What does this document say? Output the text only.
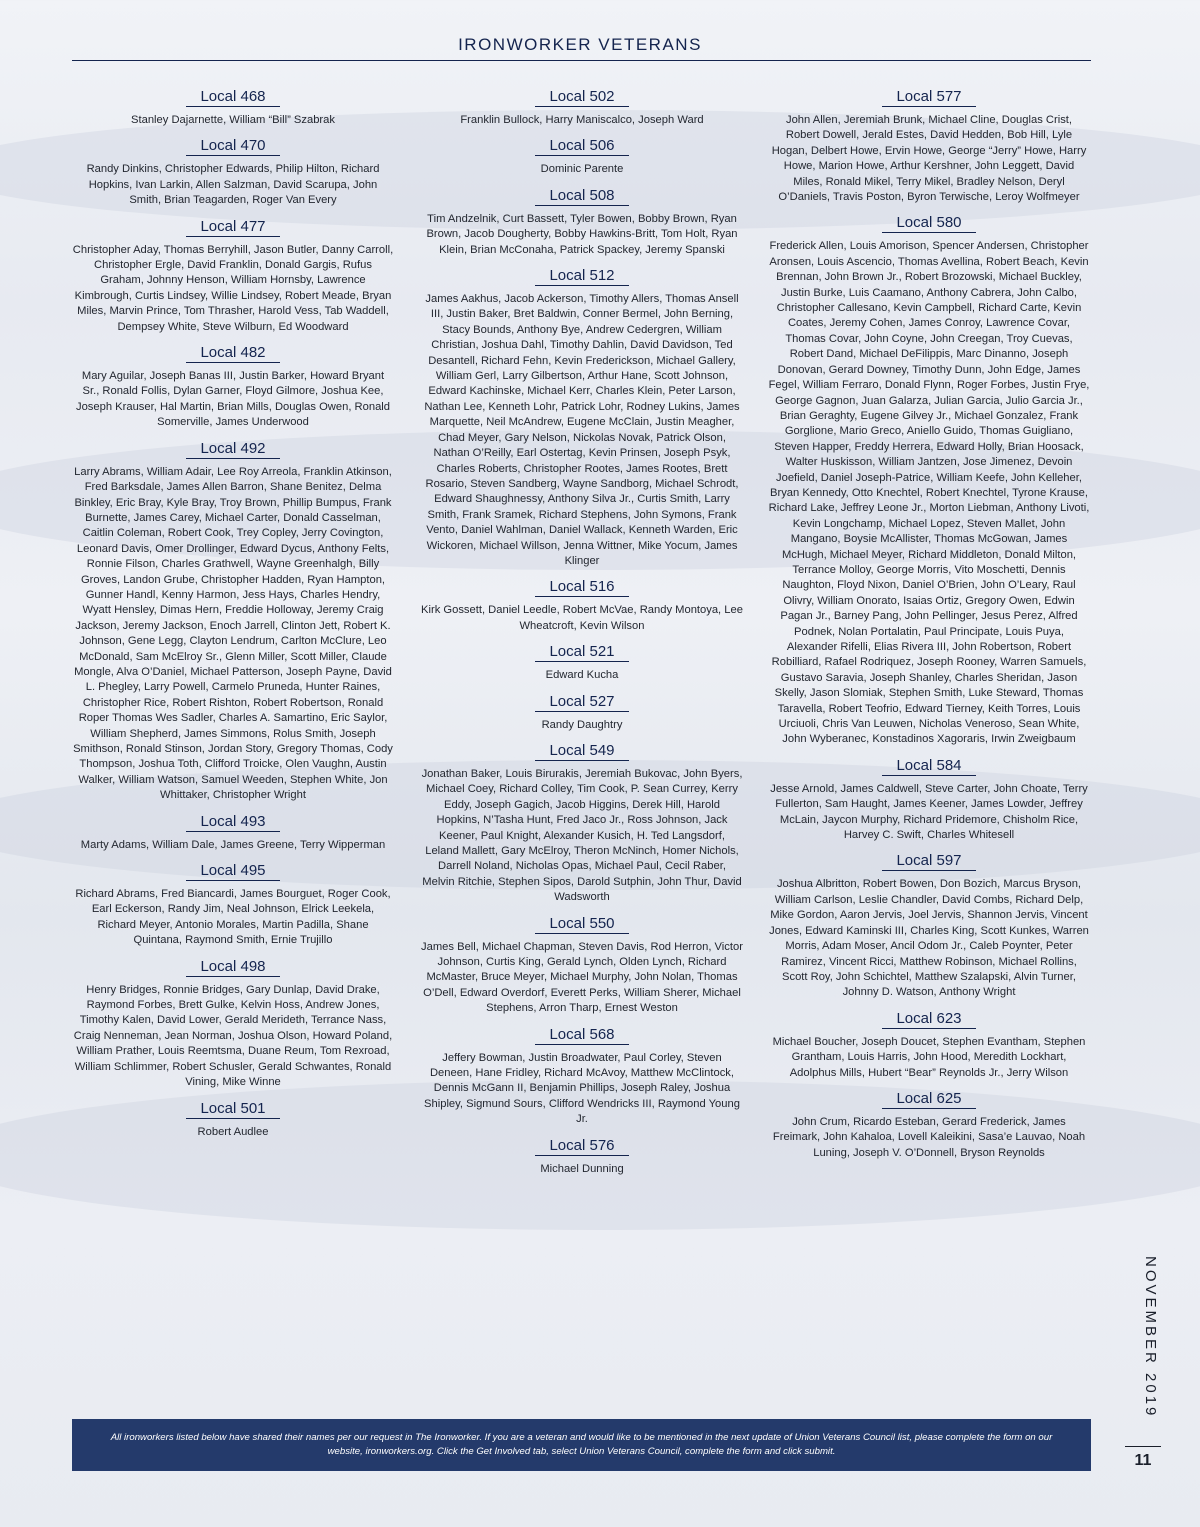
IRONWORKER VETERANS
Local 468

Stanley Dajarnette, William “Bill” Szabrak

Local 470

Randy Dinkins, Christopher Edwards, Philip Hilton, Richard Hopkins, Ivan Larkin, Allen Salzman, David Scarupa, John Smith, Brian Teagarden, Roger Van Every

Local 477

Christopher Aday, Thomas Berryhill, Jason Butler, Danny Carroll, Christopher Ergle, David Franklin, Donald Gargis, Rufus Graham, Johnny Henson, William Hornsby, Lawrence Kimbrough, Curtis Lindsey, Willie Lindsey, Robert Meade, Bryan Miles, Marvin Prince, Tom Thrasher, Harold Vess, Tab Waddell, Dempsey White, Steve Wilburn, Ed Woodward

Local 482

Mary Aguilar, Joseph Banas III, Justin Barker, Howard Bryant Sr., Ronald Follis, Dylan Garner, Floyd Gilmore, Joshua Kee, Joseph Krauser, Hal Martin, Brian Mills, Douglas Owen, Ronald Somerville, James Underwood

Local 492

Larry Abrams, William Adair, Lee Roy Arreola, Franklin Atkinson, Fred Barksdale, James Allen Barron, Shane Benitez, Delma Binkley, Eric Bray, Kyle Bray, Troy Brown, Phillip Bumpus, Frank Burnette, James Carey, Michael Carter, Donald Casselman, Caitlin Coleman, Robert Cook, Trey Copley, Jerry Covington, Leonard Davis, Omer Drollinger, Edward Dycus, Anthony Felts, Ronnie Filson, Charles Grathwell, Wayne Greenhalgh, Billy Groves, Landon Grube, Christopher Hadden, Ryan Hampton, Gunner Handl, Kenny Harmon, Jess Hays, Charles Hendry, Wyatt Hensley, Dimas Hern, Freddie Holloway, Jeremy Craig Jackson, Jeremy Jackson, Enoch Jarrell, Clinton Jett, Robert K. Johnson, Gene Legg, Clayton Lendrum, Carlton McClure, Leo McDonald, Sam McElroy Sr., Glenn Miller, Scott Miller, Claude Mongle, Alva O’Daniel, Michael Patterson, Joseph Payne, David L. Phegley, Larry Powell, Carmelo Pruneda, Hunter Raines, Christopher Rice, Robert Rishton, Robert Robertson, Ronald Roper Thomas Wes Sadler, Charles A. Samartino, Eric Saylor, William Shepherd, James Simmons, Rolus Smith, Joseph Smithson, Ronald Stinson, Jordan Story, Gregory Thomas, Cody Thompson, Joshua Toth, Clifford Troicke, Olen Vaughn, Austin Walker, William Watson, Samuel Weeden, Stephen White, Jon Whittaker, Christopher Wright

Local 493

Marty Adams, William Dale, James Greene, Terry Wipperman

Local 495

Richard Abrams, Fred Biancardi, James Bourguet, Roger Cook, Earl Eckerson, Randy Jim, Neal Johnson, Elrick Leekela, Richard Meyer, Antonio Morales, Martin Padilla, Shane Quintana, Raymond Smith, Ernie Trujillo

Local 498

Henry Bridges, Ronnie Bridges, Gary Dunlap, David Drake, Raymond Forbes, Brett Gulke, Kelvin Hoss, Andrew Jones, Timothy Kalen, David Lower, Gerald Merideth, Terrance Nass, Craig Nenneman, Jean Norman, Joshua Olson, Howard Poland, William Prather, Louis Reemtsma, Duane Reum, Tom Rexroad, William Schlimmer, Robert Schusler, Gerald Schwantes, Ronald Vining, Mike Winne

Local 501

Robert Audlee

Local 502

Franklin Bullock, Harry Maniscalco, Joseph Ward

Local 506

Dominic Parente

Local 508

Tim Andzelnik, Curt Bassett, Tyler Bowen, Bobby Brown, Ryan Brown, Jacob Dougherty, Bobby Hawkins-Britt, Tom Holt, Ryan Klein, Brian McConaha, Patrick Spackey, Jeremy Spanski

Local 512

James Aakhus, Jacob Ackerson, Timothy Allers, Thomas Ansell III, Justin Baker, Bret Baldwin, Conner Bermel, John Berning, Stacy Bounds, Anthony Bye, Andrew Cedergren, William Christian, Joshua Dahl, Timothy Dahlin, David Davidson, Ted Desantell, Richard Fehn, Kevin Frederickson, Michael Gallery, William Gerl, Larry Gilbertson, Arthur Hane, Scott Johnson, Edward Kachinske, Michael Kerr, Charles Klein, Peter Larson, Nathan Lee, Kenneth Lohr, Patrick Lohr, Rodney Lukins, James Marquette, Neil McAndrew, Eugene McClain, Justin Meagher, Chad Meyer, Gary Nelson, Nickolas Novak, Patrick Olson, Nathan O’Reilly, Earl Ostertag, Kevin Prinsen, Joseph Psyk, Charles Roberts, Christopher Rootes, James Rootes, Brett Rosario, Steven Sandberg, Wayne Sandborg, Michael Schrodt, Edward Shaughnessy, Anthony Silva Jr., Curtis Smith, Larry Smith, Frank Sramek, Richard Stephens, John Symons, Frank Vento, Daniel Wahlman, Daniel Wallack, Kenneth Warden, Eric Wickoren, Michael Willson, Jenna Wittner, Mike Yocum, James Klinger

Local 516

Kirk Gossett, Daniel Leedle, Robert McVae, Randy Montoya, Lee Wheatcroft, Kevin Wilson

Local 521

Edward Kucha

Local 527

Randy Daughtry

Local 549

Jonathan Baker, Louis Birurakis, Jeremiah Bukovac, John Byers, Michael Coey, Richard Colley, Tim Cook, P. Sean Currey, Kerry Eddy, Joseph Gagich, Jacob Higgins, Derek Hill, Harold Hopkins, N’Tasha Hunt, Fred Jaco Jr., Ross Johnson, Jack Keener, Paul Knight, Alexander Kusich, H. Ted Langsdorf, Leland Mallett, Gary McElroy, Theron McNinch, Homer Nichols, Darrell Noland, Nicholas Opas, Michael Paul, Cecil Raber, Melvin Ritchie, Stephen Sipos, Darold Sutphin, John Thur, David Wadsworth

Local 550

James Bell, Michael Chapman, Steven Davis, Rod Herron, Victor Johnson, Curtis King, Gerald Lynch, Olden Lynch, Richard McMaster, Bruce Meyer, Michael Murphy, John Nolan, Thomas O’Dell, Edward Overdorf, Everett Perks, William Sherer, Michael Stephens, Arron Tharp, Ernest Weston

Local 568

Jeffery Bowman, Justin Broadwater, Paul Corley, Steven Deneen, Hane Fridley, Richard McAvoy, Matthew McClintock, Dennis McGann II, Benjamin Phillips, Joseph Raley, Joshua Shipley, Sigmund Sours, Clifford Wendricks III, Raymond Young Jr.

Local 576

Michael Dunning

Local 577

John Allen, Jeremiah Brunk, Michael Cline, Douglas Crist, Robert Dowell, Jerald Estes, David Hedden, Bob Hill, Lyle Hogan, Delbert Howe, Ervin Howe, George “Jerry” Howe, Harry Howe, Marion Howe, Arthur Kershner, John Leggett, David Miles, Ronald Mikel, Terry Mikel, Bradley Nelson, Deryl O’Daniels, Travis Poston, Byron Terwische, Leroy Wolfmeyer

Local 580

Frederick Allen, Louis Amorison, Spencer Andersen, Christopher Aronsen, Louis Ascencio, Thomas Avellina, Robert Beach, Kevin Brennan, John Brown Jr., Robert Brozowski, Michael Buckley, Justin Burke, Luis Caamano, Anthony Cabrera, John Calbo, Christopher Callesano, Kevin Campbell, Richard Carte, Kevin Coates, Jeremy Cohen, James Conroy, Lawrence Covar, Thomas Covar, John Coyne, John Creegan, Troy Cuevas, Robert Dand, Michael DeFilippis, Marc Dinanno, Joseph Donovan, Gerard Downey, Timothy Dunn, John Edge, James Fegel, William Ferraro, Donald Flynn, Roger Forbes, Justin Frye, George Gagnon, Juan Galarza, Julian Garcia, Julio Garcia Jr., Brian Geraghty, Eugene Gilvey Jr., Michael Gonzalez, Frank Gorglione, Mario Greco, Aniello Guido, Thomas Guigliano, Steven Happer, Freddy Herrera, Edward Holly, Brian Hoosack, Walter Huskisson, William Jantzen, Jose Jimenez, Devoin Joefield, Daniel Joseph-Patrice, William Keefe, John Kelleher, Bryan Kennedy, Otto Knechtel, Robert Knechtel, Tyrone Krause, Richard Lake, Jeffrey Leone Jr., Morton Liebman, Anthony Livoti, Kevin Longchamp, Michael Lopez, Steven Mallet, John Mangano, Boysie McAllister, Thomas McGowan, James McHugh, Michael Meyer, Richard Middleton, Donald Milton, Terrance Molloy, George Morris, Vito Moschetti, Dennis Naughton, Floyd Nixon, Daniel O’Brien, John O’Leary, Raul Olivry, William Onorato, Isaias Ortiz, Gregory Owen, Edwin Pagan Jr., Barney Pang, John Pellinger, Jesus Perez, Alfred Podnek, Nolan Portalatin, Paul Principate, Louis Puya, Alexander Rifelli, Elias Rivera III, John Robertson, Robert Robilliard, Rafael Rodriquez, Joseph Rooney, Warren Samuels, Gustavo Saravia, Joseph Shanley, Charles Sheridan, Jason Skelly, Jason Slomiak, Stephen Smith, Luke Steward, Thomas Taravella, Robert Teofrio, Edward Tierney, Keith Torres, Louis Urciuoli, Chris Van Leuwen, Nicholas Veneroso, Sean White, John Wyberanec, Konstadinos Xagoraris, Irwin Zweigbaum

Local 584

Jesse Arnold, James Caldwell, Steve Carter, John Choate, Terry Fullerton, Sam Haught, James Keener, James Lowder, Jeffrey McLain, Jaycon Murphy, Richard Pridemore, Chisholm Rice, Harvey C. Swift, Charles Whitesell

Local 597

Joshua Albritton, Robert Bowen, Don Bozich, Marcus Bryson, William Carlson, Leslie Chandler, David Combs, Richard Delp, Mike Gordon, Aaron Jervis, Joel Jervis, Shannon Jervis, Vincent Jones, Edward Kaminski III, Charles King, Scott Kunkes, Warren Morris, Adam Moser, Ancil Odom Jr., Caleb Poynter, Peter Ramirez, Vincent Ricci, Matthew Robinson, Michael Rollins, Scott Roy, John Schichtel, Matthew Szalapski, Alvin Turner, Johnny D. Watson, Anthony Wright

Local 623

Michael Boucher, Joseph Doucet, Stephen Evantham, Stephen Grantham, Louis Harris, John Hood, Meredith Lockhart, Adolphus Mills, Hubert “Bear” Reynolds Jr., Jerry Wilson

Local 625

John Crum, Ricardo Esteban, Gerard Frederick, James Freimark, John Kahaloa, Lovell Kaleikini, Sasa’e Lauvao, Noah Luning, Joseph V. O’Donnell, Bryson Reynolds

NOVEMBER 2019
11

All ironworkers listed below have shared their names per our request in The Ironworker. If you are a veteran and would like to be mentioned in the next update of Union Veterans Council list, please complete the form on our website, ironworkers.org. Click the Get Involved tab, select Union Veterans Council, complete the form and click submit.
